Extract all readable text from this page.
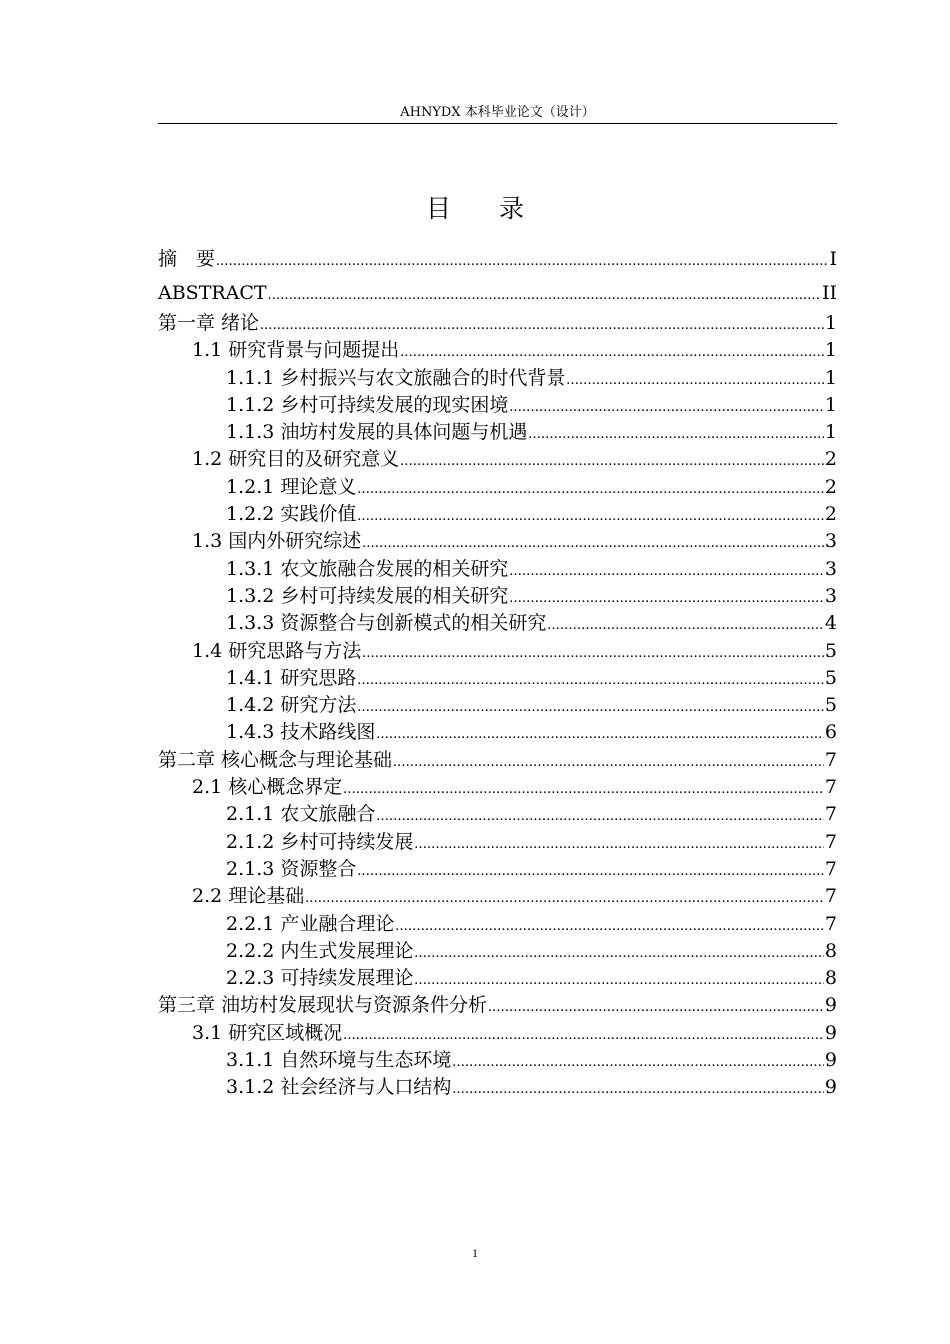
AHNYDX 本科毕业论文（设计）
目 录
摘　要 .....	I
ABSTRACT .....	II
第一章 绪论 .....	1
1.1 研究背景与问题提出 .....	1
1.1.1 乡村振兴与农文旅融合的时代背景 .....	1
1.1.2 乡村可持续发展的现实困境 .....	1
1.1.3 油坊村发展的具体问题与机遇 .....	1
1.2 研究目的及研究意义 .....	2
1.2.1 理论意义 .....	2
1.2.2 实践价值 .....	2
1.3 国内外研究综述 .....	3
1.3.1 农文旅融合发展的相关研究 .....	3
1.3.2 乡村可持续发展的相关研究 .....	3
1.3.3 资源整合与创新模式的相关研究 .....	4
1.4 研究思路与方法 .....	5
1.4.1 研究思路 .....	5
1.4.2 研究方法 .....	5
1.4.3 技术路线图 .....	6
第二章 核心概念与理论基础 .....	7
2.1 核心概念界定 .....	7
2.1.1 农文旅融合 .....	7
2.1.2 乡村可持续发展 .....	7
2.1.3 资源整合 .....	7
2.2 理论基础 .....	7
2.2.1 产业融合理论 .....	7
2.2.2 内生式发展理论 .....	8
2.2.3 可持续发展理论 .....	8
第三章 油坊村发展现状与资源条件分析 .....	9
3.1 研究区域概况 .....	9
3.1.1 自然环境与生态环境 .....	9
3.1.2 社会经济与人口结构 .....	9
1
